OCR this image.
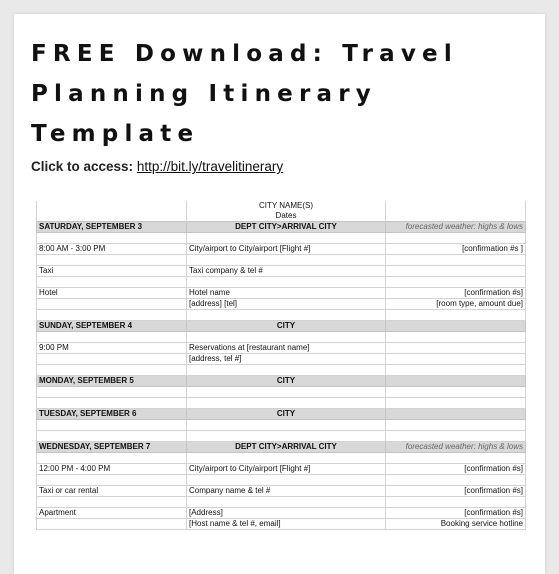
FREE Download: Travel Planning Itinerary Template
Click to access: http://bit.ly/travelitinerary
	CITY NAME(S)	
	Dates	
SATURDAY, SEPTEMBER 3	DEPT CITY>ARRIVAL CITY	forecasted weather: highs & lows

8:00 AM - 3:00 PM	City/airport to City/airport [Flight #]	[confirmation #s ]

Taxi	Taxi company & tel #	

Hotel	Hotel name	[confirmation #s]
	[address] [tel]	[room type, amount due]

SUNDAY, SEPTEMBER 4	CITY	

9:00 PM	Reservations at [restaurant name]	
	[address, tel #]	

MONDAY, SEPTEMBER 5	CITY	

TUESDAY, SEPTEMBER 6	CITY	

WEDNESDAY, SEPTEMBER 7	DEPT CITY>ARRIVAL CITY	forecasted weather: highs & lows

12:00 PM - 4:00 PM	City/airport to City/airport [Flight #]	[confirmation #s]

Taxi or car rental	Company name & tel #	[confirmation #s]

Apartment	[Address]	[confirmation #s]
	[Host name & tel #, email]	Booking service hotline
